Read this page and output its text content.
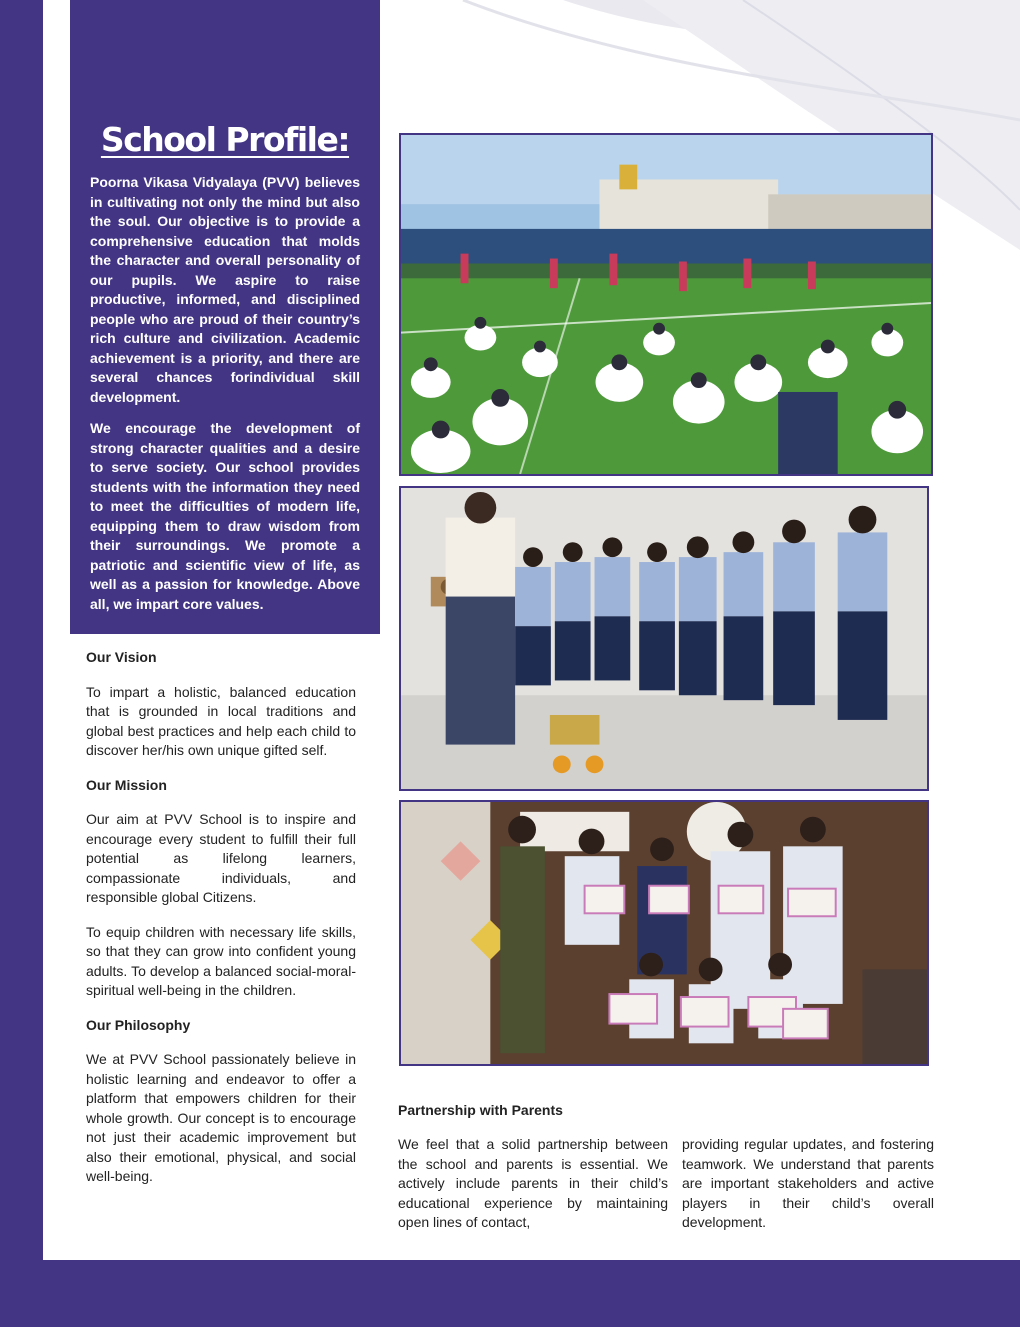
School Profile:

Poorna Vikasa Vidyalaya (PVV) believes in cultivating not only the mind but also the soul. Our objective is to provide a comprehensive education that molds the character and overall personality of our pupils. We aspire to raise productive, informed, and disciplined people who are proud of their country’s rich culture and civilization. Academic achievement is a priority, and there are several chances forindividual skill development.

We encourage the development of strong character qualities and a desire to serve society. Our school provides students with the information they need to meet the difficulties of modern life, equipping them to draw wisdom from their surroundings. We promote a patriotic and scientific view of life, as well as a passion for knowledge. Above all, we impart core values.

Our Vision

To impart a holistic, balanced education that is grounded in local traditions and global best practices and help each child to discover her/his own unique gifted self.

Our Mission

Our aim at PVV School is to inspire and encourage every student to fulfill their full potential as lifelong learners, compassionate individuals, and responsible global Citizens.

To equip children with necessary life skills, so that they can grow into confident young adults. To develop a balanced social-moral-spiritual well-being in the children.

Our Philosophy

We at PVV School passionately believe in holistic learning and endeavor to offer a platform that empowers children for their whole growth. Our concept is to encourage not just their academic improvement but also their emotional, physical, and social well-being.

Partnership with Parents

We feel that a solid partnership between the school and parents is essential. We actively include parents in their child’s educational experience by maintaining open lines of contact,

providing regular updates, and fostering teamwork. We understand that parents are important stakeholders and active players in their child’s overall development.
